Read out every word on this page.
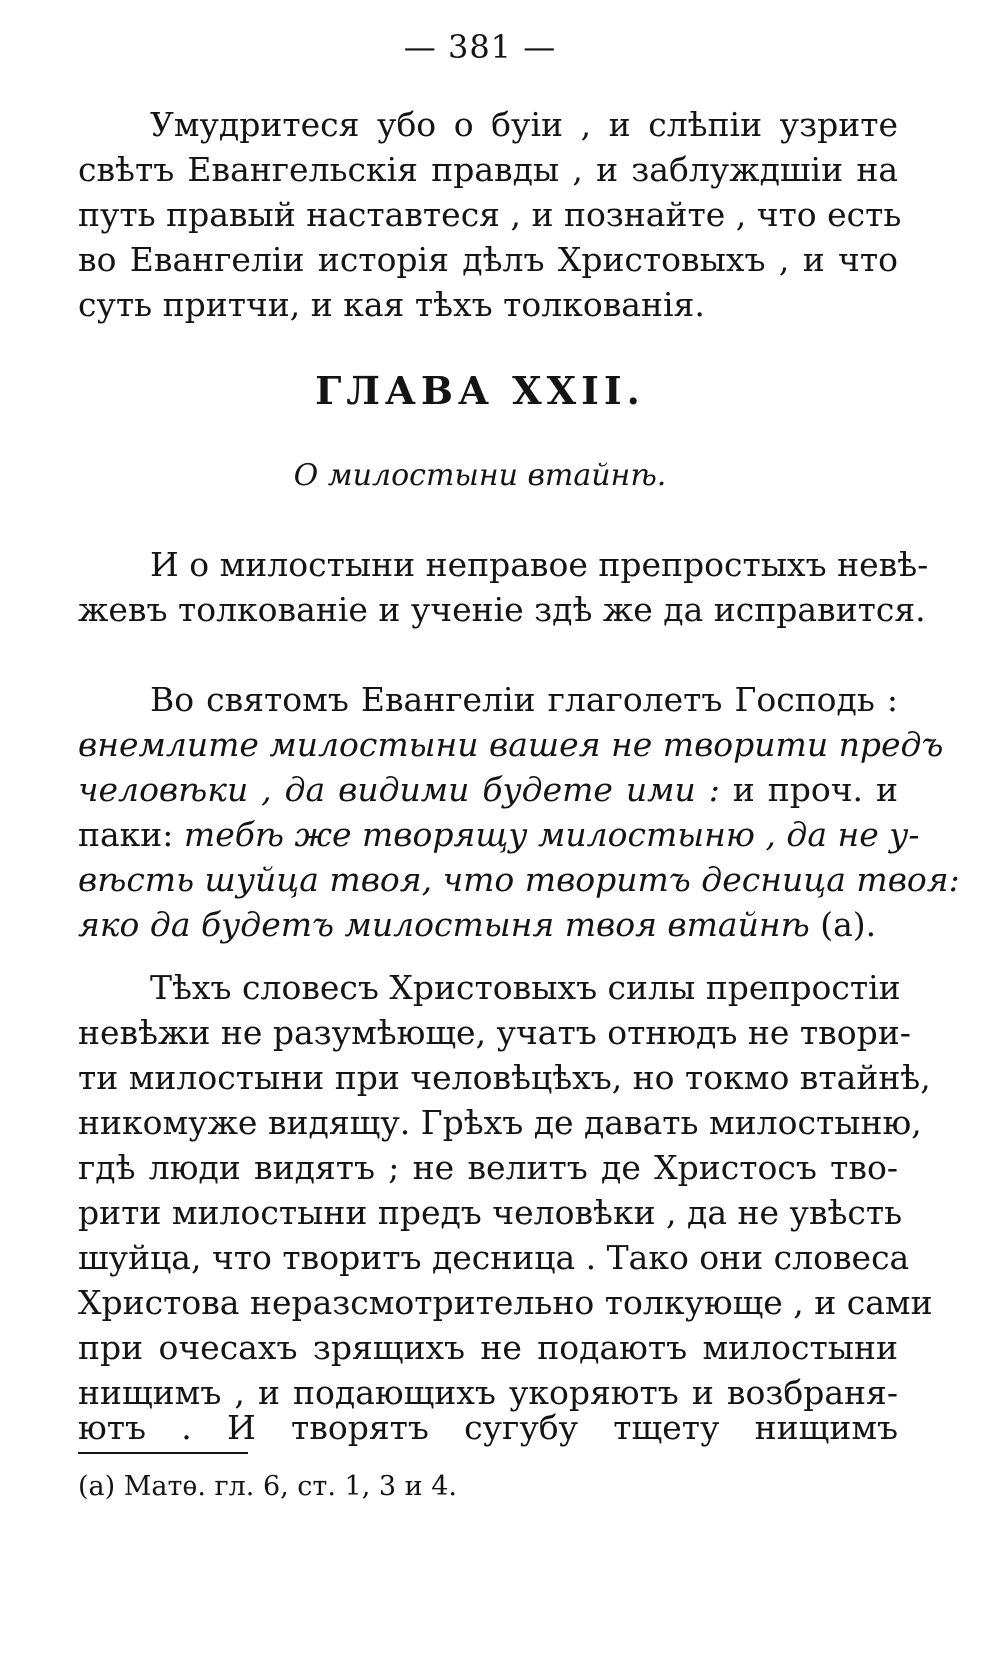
— 381 —
Умудритеся убо о буіи , и слѣпіи узрите
свѣтъ Евангельскія правды , и заблуждшіи на
путь правый наставтеся , и познайте , что есть
во Евангеліи исторія дѣлъ Христовыхъ , и что
суть притчи, и кая тѣхъ толкованія.
ГЛАВА XXII.
О милостыни втайнѣ.
И о милостыни неправое препростыхъ невѣ-
жевъ толкованіе и ученіе здѣ же да исправится.
Во святомъ Евангеліи глаголетъ Господь :
внемлите милостыни вашея не творити предъ
человѣки , да видими будете ими : и проч. и
паки: тебѣ же творящу милостыню , да не у-
вѣсть шуйца твоя, что творитъ десница твоя:
яко да будетъ милостыня твоя втайнѣ (а).
Тѣхъ словесъ Христовыхъ силы препростіи
невѣжи не разумѣюще, учатъ отнюдъ не твори-
ти милостыни при человѣцѣхъ, но токмо втайнѣ,
никомуже видящу. Грѣхъ де давать милостыню,
гдѣ люди видятъ ; не велитъ де Христосъ тво-
рити милостыни предъ человѣки , да не увѣсть
шуйца, что творитъ десница . Тако они словеса
Христова неразсмотрительно толкующе , и сами
при очесахъ зрящихъ не подаютъ милостыни
нищимъ , и подающихъ укоряютъ и возбраня-
ютъ . И творятъ сугубу тщету нищимъ
(а) Матѳ. гл. 6, ст. 1, 3 и 4.
